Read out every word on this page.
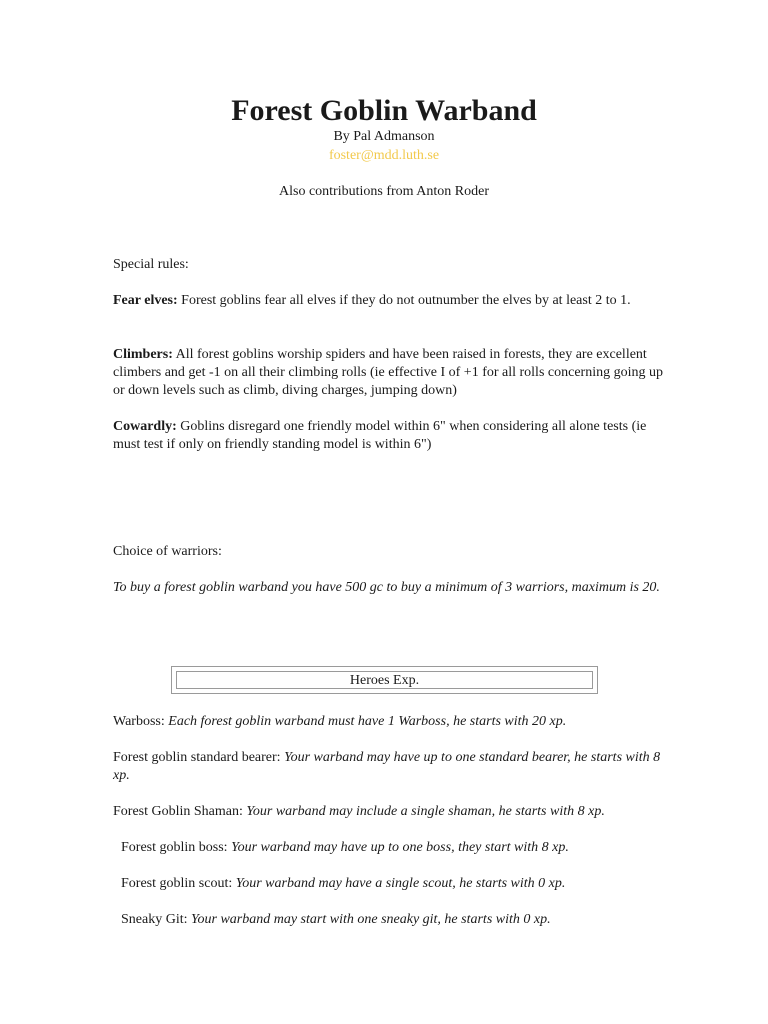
Forest Goblin Warband

By Pal Admanson

foster@mdd.luth.se

Also contributions from Anton Roder

Special rules:

Fear elves: Forest goblins fear all elves if they do not outnumber the elves by at least 2 to 1.

Climbers: All forest goblins worship spiders and have been raised in forests, they are excellent climbers and get -1 on all their climbing rolls (ie effective I of +1 for all rolls concerning going up or down levels such as climb, diving charges, jumping down)

Cowardly: Goblins disregard one friendly model within 6" when considering all alone tests (ie must test if only on friendly standing model is within 6")

Choice of warriors:

To buy a forest goblin warband you have 500 gc to buy a minimum of 3 warriors, maximum is 20.

Heroes Exp.

Warboss: Each forest goblin warband must have 1 Warboss, he starts with 20 xp.

Forest goblin standard bearer: Your warband may have up to one standard bearer, he starts with 8 xp.

Forest Goblin Shaman: Your warband may include a single shaman, he starts with 8 xp.

Forest goblin boss: Your warband may have up to one boss, they start with 8 xp.

Forest goblin scout: Your warband may have a single scout, he starts with 0 xp.

Sneaky Git: Your warband may start with one sneaky git, he starts with 0 xp.
